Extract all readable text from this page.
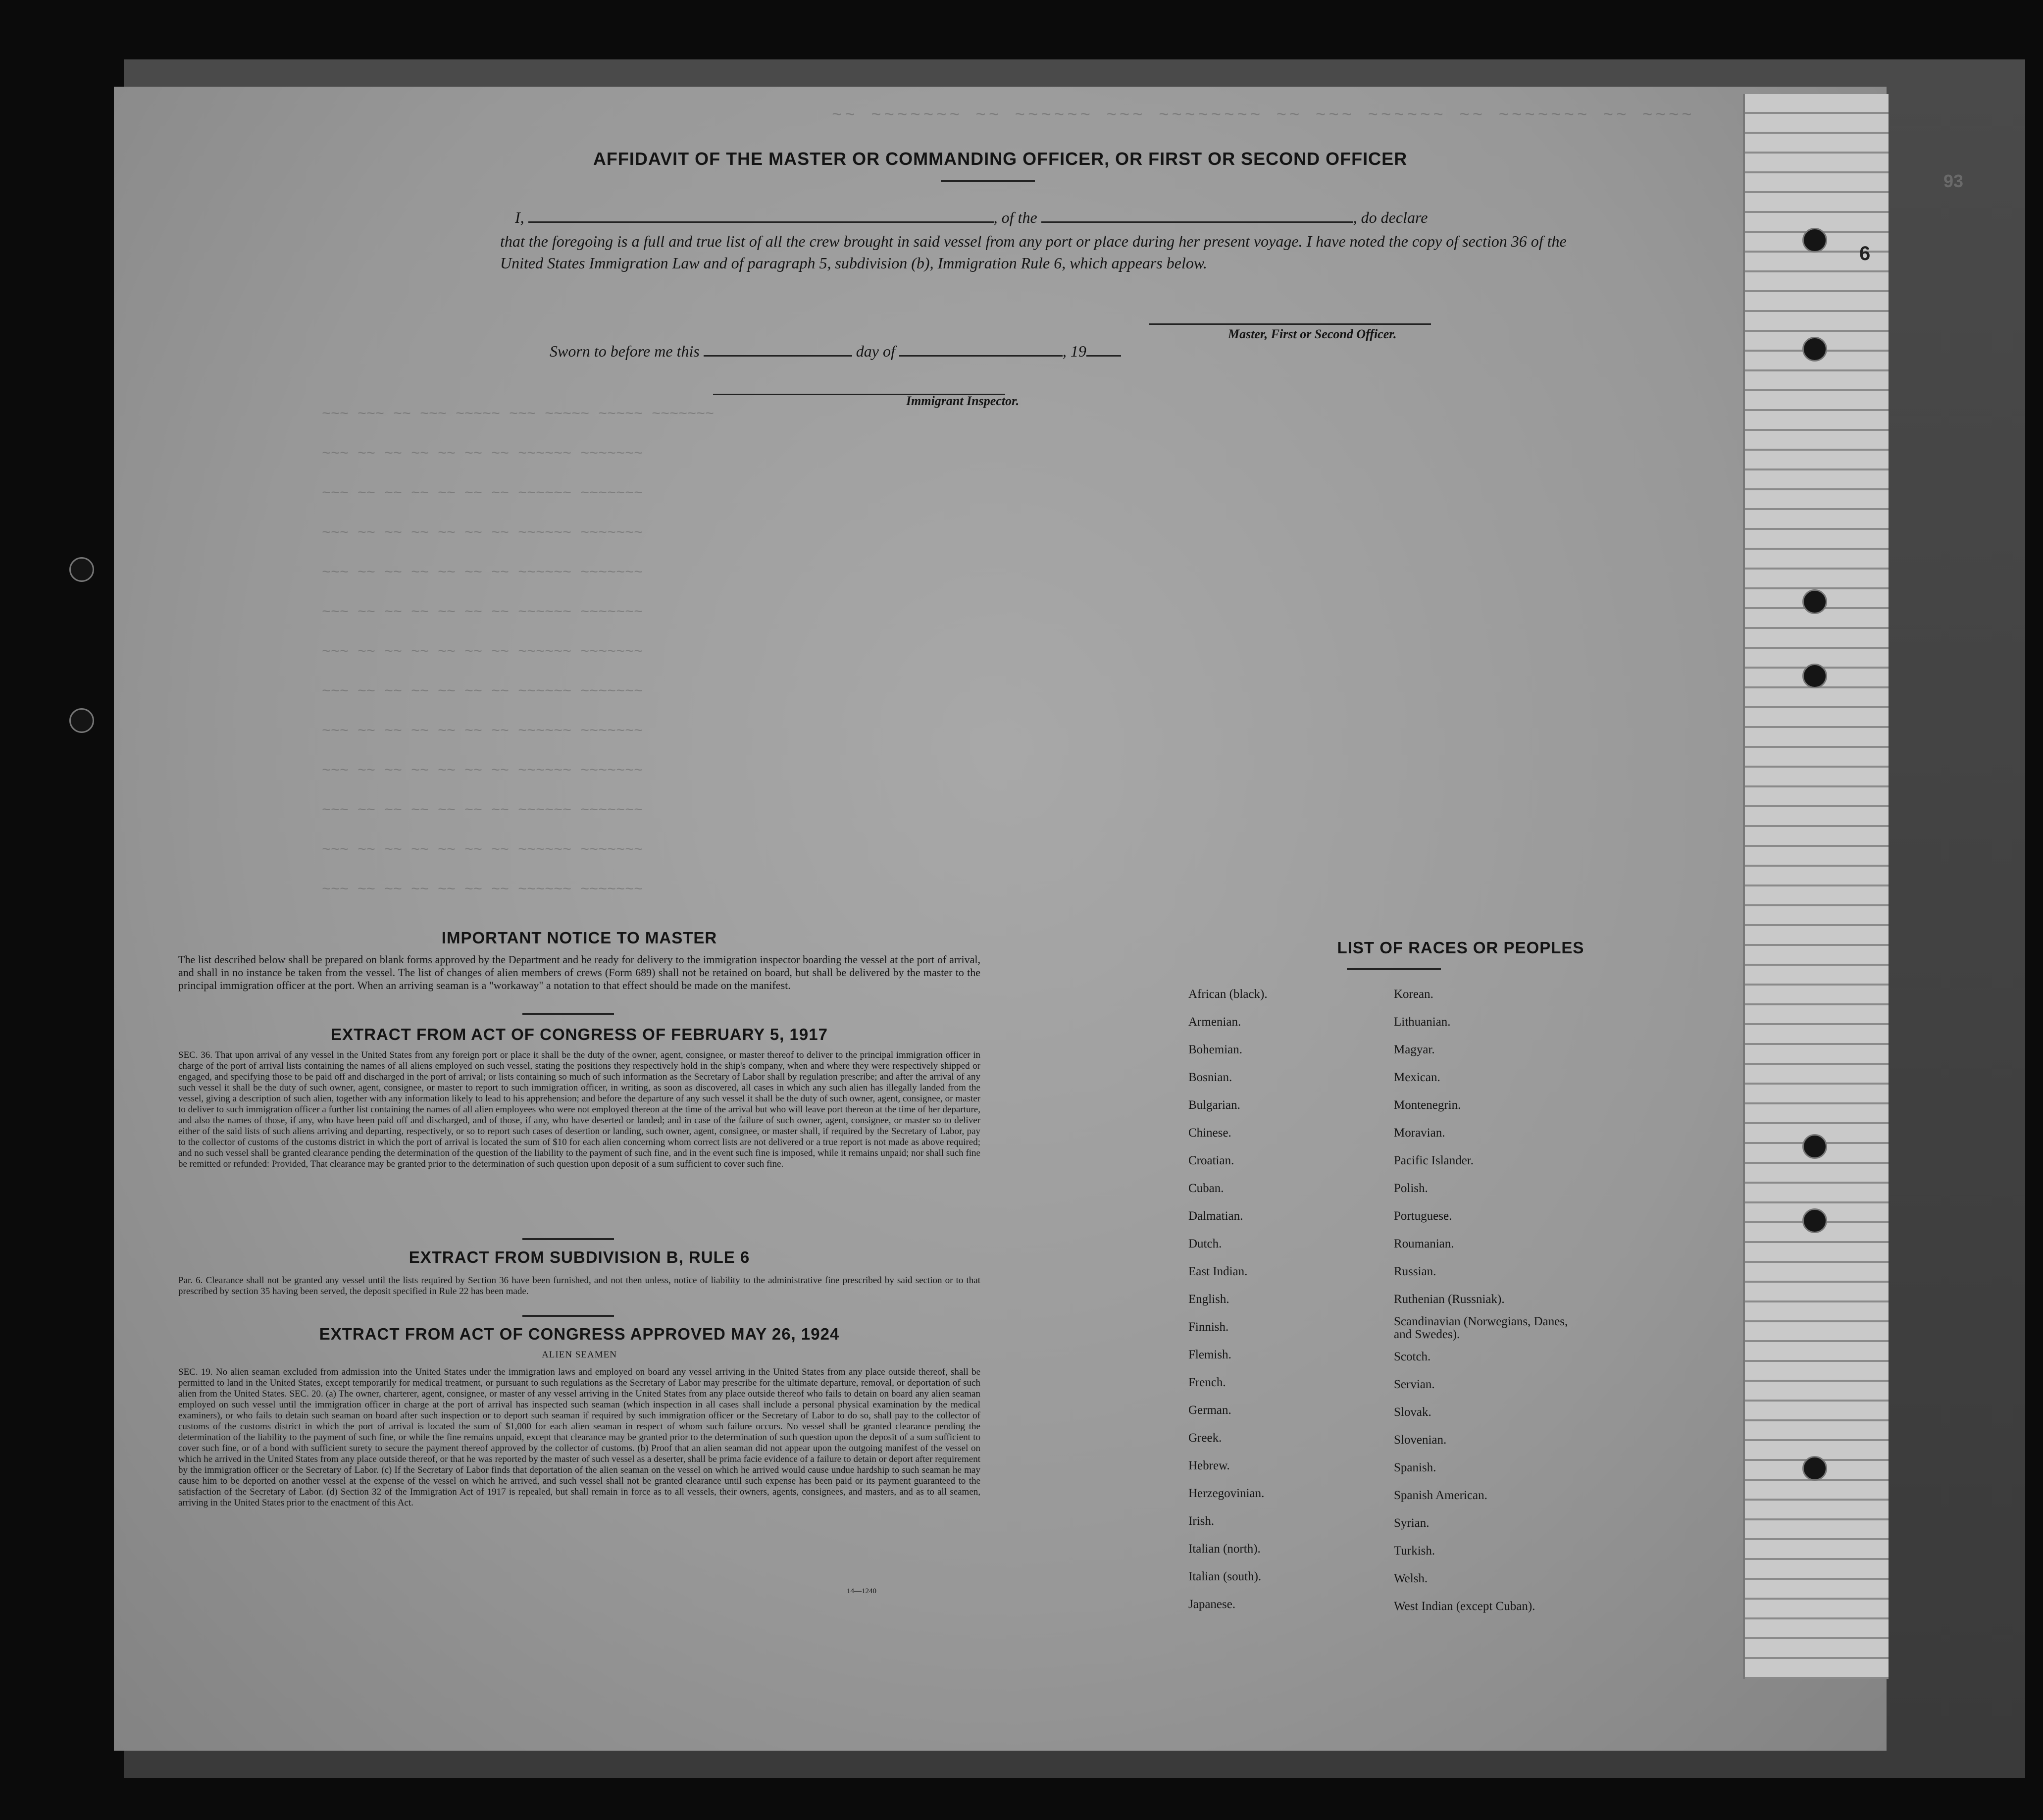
93
~~ ~~~~~~~ ~~ ~~~~~~ ~~~ ~~~~~~~~ ~~ ~~~ ~~~~~~ ~~ ~~~~~~~ ~~ ~~~~
~~~ ~~~ ~~ ~~~ ~~~~~ ~~~ ~~~~~ ~~~~~ ~~~~~~~
~~~ ~~ ~~ ~~ ~~ ~~ ~~ ~~~~~~ ~~~~~~~
~~~ ~~ ~~ ~~ ~~ ~~ ~~ ~~~~~~ ~~~~~~~
~~~ ~~ ~~ ~~ ~~ ~~ ~~ ~~~~~~ ~~~~~~~
~~~ ~~ ~~ ~~ ~~ ~~ ~~ ~~~~~~ ~~~~~~~
~~~ ~~ ~~ ~~ ~~ ~~ ~~ ~~~~~~ ~~~~~~~
~~~ ~~ ~~ ~~ ~~ ~~ ~~ ~~~~~~ ~~~~~~~
~~~ ~~ ~~ ~~ ~~ ~~ ~~ ~~~~~~ ~~~~~~~
~~~ ~~ ~~ ~~ ~~ ~~ ~~ ~~~~~~ ~~~~~~~
~~~ ~~ ~~ ~~ ~~ ~~ ~~ ~~~~~~ ~~~~~~~
~~~ ~~ ~~ ~~ ~~ ~~ ~~ ~~~~~~ ~~~~~~~
~~~ ~~ ~~ ~~ ~~ ~~ ~~ ~~~~~~ ~~~~~~~
~~~ ~~ ~~ ~~ ~~ ~~ ~~ ~~~~~~ ~~~~~~~
AFFIDAVIT OF THE MASTER OR COMMANDING OFFICER, OR FIRST OR SECOND OFFICER
I,	, of the	, do declare
that the foregoing is a full and true list of all the crew brought in said vessel from any port or place during her present voyage. I have noted the copy of section 36 of the United States Immigration Law and of paragraph 5, subdivision (b), Immigration Rule 6, which appears below.
Master, First or Second Officer.
Sworn to before me this	day of	, 19
Immigrant Inspector.
IMPORTANT NOTICE TO MASTER
The list described below shall be prepared on blank forms approved by the Department and be ready for delivery to the immigration inspector boarding the vessel at the port of arrival, and shall in no instance be taken from the vessel. The list of changes of alien members of crews (Form 689) shall not be retained on board, but shall be delivered by the master to the principal immigration officer at the port. When an arriving seaman is a "workaway" a notation to that effect should be made on the manifest.
EXTRACT FROM ACT OF CONGRESS OF FEBRUARY 5, 1917
SEC. 36. That upon arrival of any vessel in the United States from any foreign port or place it shall be the duty of the owner, agent, consignee, or master thereof to deliver to the principal immigration officer in charge of the port of arrival lists containing the names of all aliens employed on such vessel, stating the positions they respectively hold in the ship's company, when and where they were respectively shipped or engaged, and specifying those to be paid off and discharged in the port of arrival; or lists containing so much of such information as the Secretary of Labor shall by regulation prescribe; and after the arrival of any such vessel it shall be the duty of such owner, agent, consignee, or master to report to such immigration officer, in writing, as soon as discovered, all cases in which any such alien has illegally landed from the vessel, giving a description of such alien, together with any information likely to lead to his apprehension; and before the departure of any such vessel it shall be the duty of such owner, agent, consignee, or master to deliver to such immigration officer a further list containing the names of all alien employees who were not employed thereon at the time of the arrival but who will leave port thereon at the time of her departure, and also the names of those, if any, who have been paid off and discharged, and of those, if any, who have deserted or landed; and in case of the failure of such owner, agent, consignee, or master so to deliver either of the said lists of such aliens arriving and departing, respectively, or so to report such cases of desertion or landing, such owner, agent, consignee, or master shall, if required by the Secretary of Labor, pay to the collector of customs of the customs district in which the port of arrival is located the sum of $10 for each alien concerning whom correct lists are not delivered or a true report is not made as above required; and no such vessel shall be granted clearance pending the determination of the question of the liability to the payment of such fine, and in the event such fine is imposed, while it remains unpaid; nor shall such fine be remitted or refunded: Provided, That clearance may be granted prior to the determination of such question upon deposit of a sum sufficient to cover such fine.
EXTRACT FROM SUBDIVISION B, RULE 6
Par. 6. Clearance shall not be granted any vessel until the lists required by Section 36 have been furnished, and not then unless, notice of liability to the administrative fine prescribed by said section or to that prescribed by section 35 having been served, the deposit specified in Rule 22 has been made.
EXTRACT FROM ACT OF CONGRESS APPROVED MAY 26, 1924
ALIEN SEAMEN
SEC. 19. No alien seaman excluded from admission into the United States under the immigration laws and employed on board any vessel arriving in the United States from any place outside thereof, shall be permitted to land in the United States, except temporarily for medical treatment, or pursuant to such regulations as the Secretary of Labor may prescribe for the ultimate departure, removal, or deportation of such alien from the United States. SEC. 20. (a) The owner, charterer, agent, consignee, or master of any vessel arriving in the United States from any place outside thereof who fails to detain on board any alien seaman employed on such vessel until the immigration officer in charge at the port of arrival has inspected such seaman (which inspection in all cases shall include a personal physical examination by the medical examiners), or who fails to detain such seaman on board after such inspection or to deport such seaman if required by such immigration officer or the Secretary of Labor to do so, shall pay to the collector of customs of the customs district in which the port of arrival is located the sum of $1,000 for each alien seaman in respect of whom such failure occurs. No vessel shall be granted clearance pending the determination of the liability to the payment of such fine, or while the fine remains unpaid, except that clearance may be granted prior to the determination of such question upon the deposit of a sum sufficient to cover such fine, or of a bond with sufficient surety to secure the payment thereof approved by the collector of customs. (b) Proof that an alien seaman did not appear upon the outgoing manifest of the vessel on which he arrived in the United States from any place outside thereof, or that he was reported by the master of such vessel as a deserter, shall be prima facie evidence of a failure to detain or deport after requirement by the immigration officer or the Secretary of Labor. (c) If the Secretary of Labor finds that deportation of the alien seaman on the vessel on which he arrived would cause undue hardship to such seaman he may cause him to be deported on another vessel at the expense of the vessel on which he arrived, and such vessel shall not be granted clearance until such expense has been paid or its payment guaranteed to the satisfaction of the Secretary of Labor. (d) Section 32 of the Immigration Act of 1917 is repealed, but shall remain in force as to all vessels, their owners, agents, consignees, and masters, and as to all seamen, arriving in the United States prior to the enactment of this Act.
14—1240
LIST OF RACES OR PEOPLES
African (black).
Armenian.
Bohemian.
Bosnian.
Bulgarian.
Chinese.
Croatian.
Cuban.
Dalmatian.
Dutch.
East Indian.
English.
Finnish.
Flemish.
French.
German.
Greek.
Hebrew.
Herzegovinian.
Irish.
Italian (north).
Italian (south).
Japanese.
Korean.
Lithuanian.
Magyar.
Mexican.
Montenegrin.
Moravian.
Pacific Islander.
Polish.
Portuguese.
Roumanian.
Russian.
Ruthenian (Russniak).
Scandinavian (Norwegians, Danes, and Swedes).
Scotch.
Servian.
Slovak.
Slovenian.
Spanish.
Spanish American.
Syrian.
Turkish.
Welsh.
West Indian (except Cuban).
6
